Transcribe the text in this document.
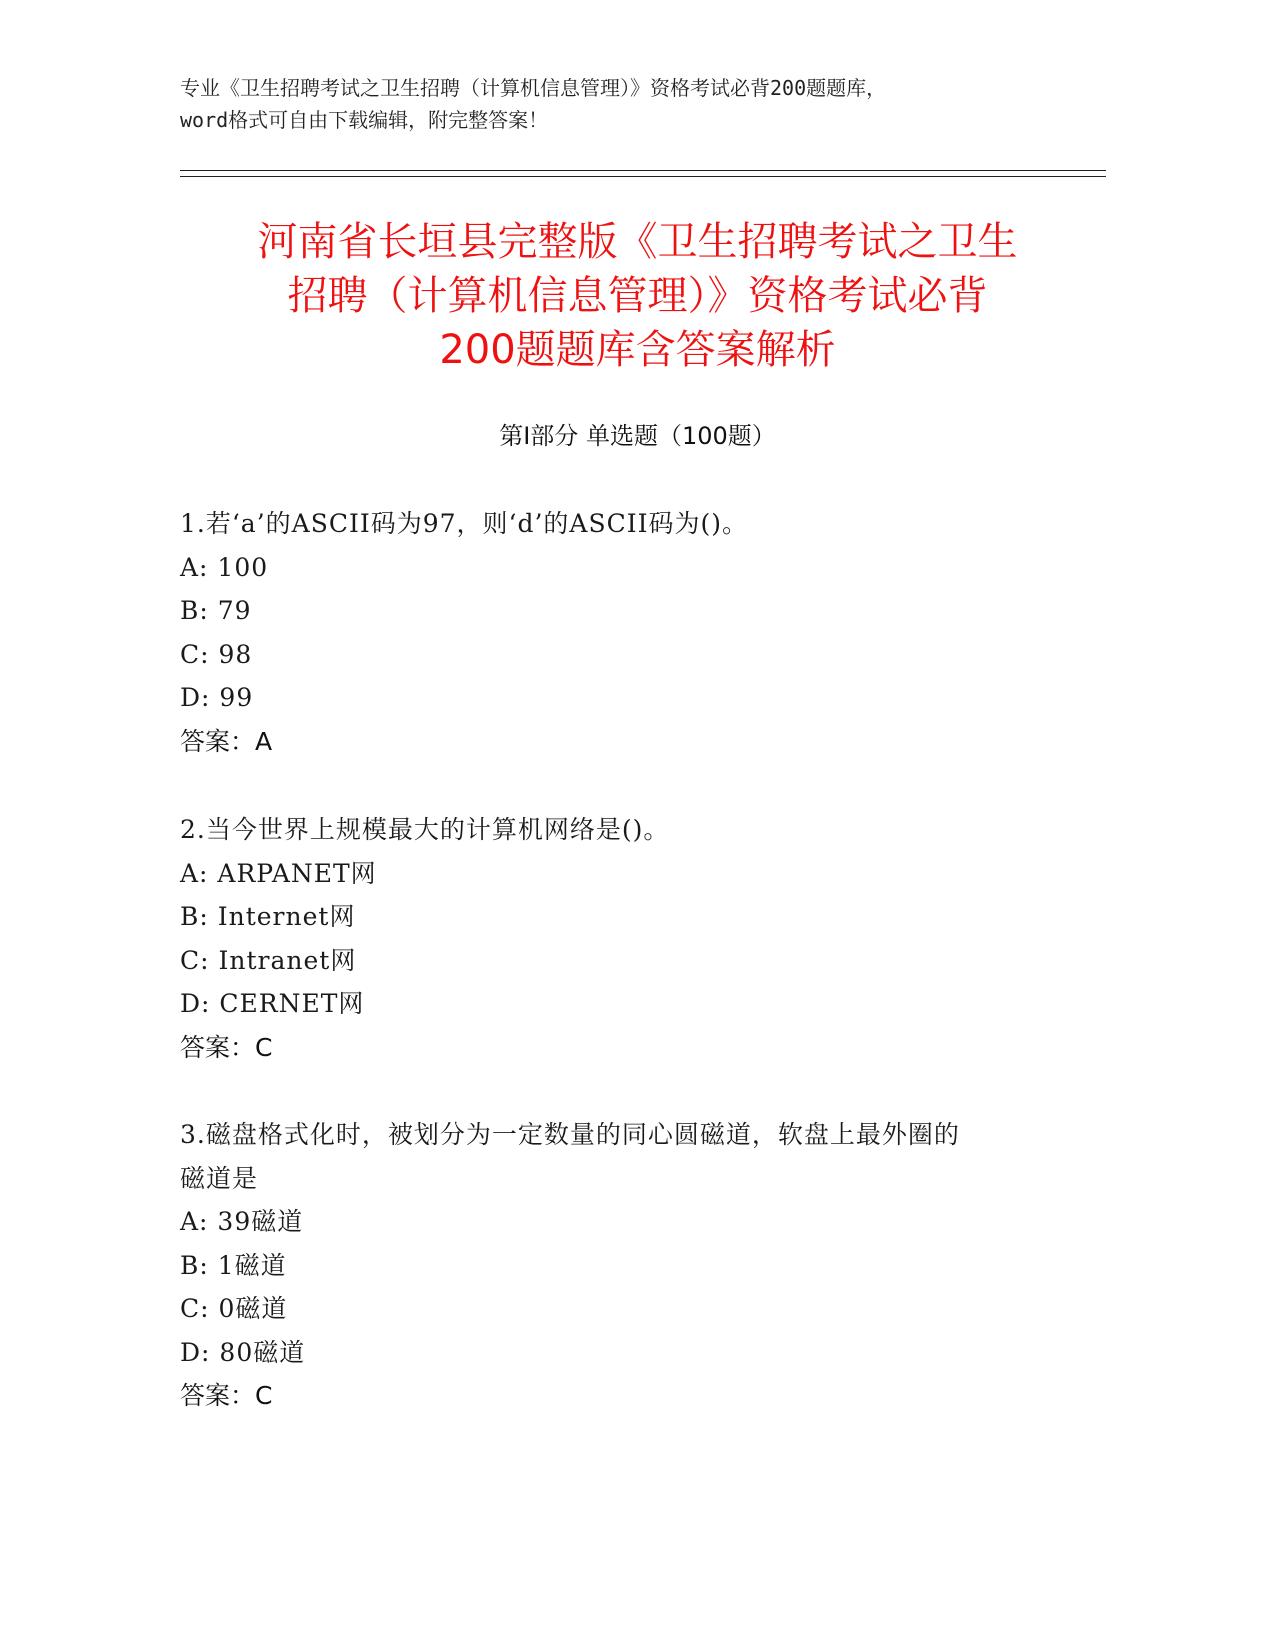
专业《卫生招聘考试之卫生招聘（计算机信息管理）》资格考试必背200题题库，
word格式可自由下载编辑，附完整答案！
河南省长垣县完整版《卫生招聘考试之卫生
招聘（计算机信息管理）》资格考试必背
200题题库含答案解析
第Ⅰ部分 单选题（100题）
1.若‘a’的ASCII码为97，则‘d’的ASCII码为()。
A: 100
B: 79
C: 98
D: 99
答案：A
2.当今世界上规模最大的计算机网络是()。
A: ARPANET网
B: Internet网
C: Intranet网
D: CERNET网
答案：C
3.磁盘格式化时，被划分为一定数量的同心圆磁道，软盘上最外圈的
磁道是
A: 39磁道
B: 1磁道
C: 0磁道
D: 80磁道
答案：C
